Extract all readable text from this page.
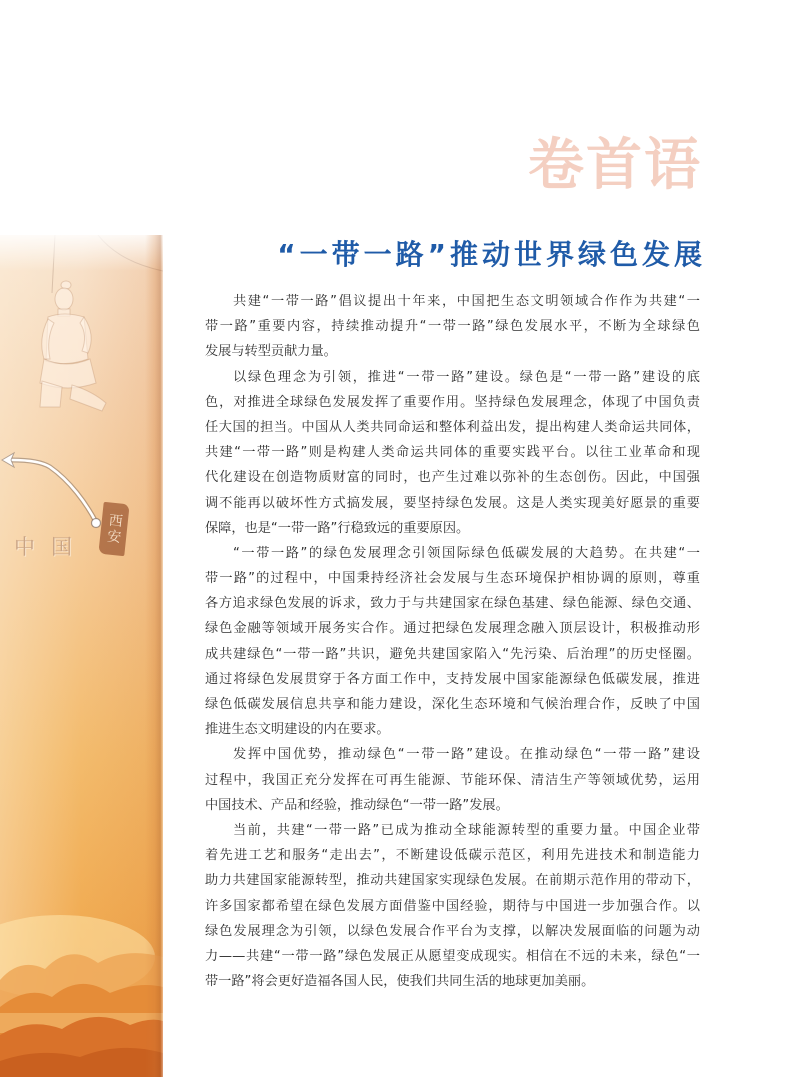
卷首语
中国
西安
“一带一路”推动世界绿色发展
共建“一带一路”倡议提出十年来，中国把生态文明领域合作作为共建“一
带一路”重要内容，持续推动提升“一带一路”绿色发展水平，不断为全球绿色
发展与转型贡献力量。
以绿色理念为引领，推进“一带一路”建设。绿色是“一带一路”建设的底
色，对推进全球绿色发展发挥了重要作用。坚持绿色发展理念，体现了中国负责
任大国的担当。中国从人类共同命运和整体利益出发，提出构建人类命运共同体，
共建“一带一路”则是构建人类命运共同体的重要实践平台。以往工业革命和现
代化建设在创造物质财富的同时，也产生过难以弥补的生态创伤。因此，中国强
调不能再以破坏性方式搞发展，要坚持绿色发展。这是人类实现美好愿景的重要
保障，也是“一带一路”行稳致远的重要原因。
“一带一路”的绿色发展理念引领国际绿色低碳发展的大趋势。在共建“一
带一路”的过程中，中国秉持经济社会发展与生态环境保护相协调的原则，尊重
各方追求绿色发展的诉求，致力于与共建国家在绿色基建、绿色能源、绿色交通、
绿色金融等领域开展务实合作。通过把绿色发展理念融入顶层设计，积极推动形
成共建绿色“一带一路”共识，避免共建国家陷入“先污染、后治理”的历史怪圈。
通过将绿色发展贯穿于各方面工作中，支持发展中国家能源绿色低碳发展，推进
绿色低碳发展信息共享和能力建设，深化生态环境和气候治理合作，反映了中国
推进生态文明建设的内在要求。
发挥中国优势，推动绿色“一带一路”建设。在推动绿色“一带一路”建设
过程中，我国正充分发挥在可再生能源、节能环保、清洁生产等领域优势，运用
中国技术、产品和经验，推动绿色“一带一路”发展。
当前，共建“一带一路”已成为推动全球能源转型的重要力量。中国企业带
着先进工艺和服务“走出去”，不断建设低碳示范区，利用先进技术和制造能力
助力共建国家能源转型，推动共建国家实现绿色发展。在前期示范作用的带动下，
许多国家都希望在绿色发展方面借鉴中国经验，期待与中国进一步加强合作。以
绿色发展理念为引领，以绿色发展合作平台为支撑，以解决发展面临的问题为动
力——共建“一带一路”绿色发展正从愿望变成现实。相信在不远的未来，绿色“一
带一路”将会更好造福各国人民，使我们共同生活的地球更加美丽。
